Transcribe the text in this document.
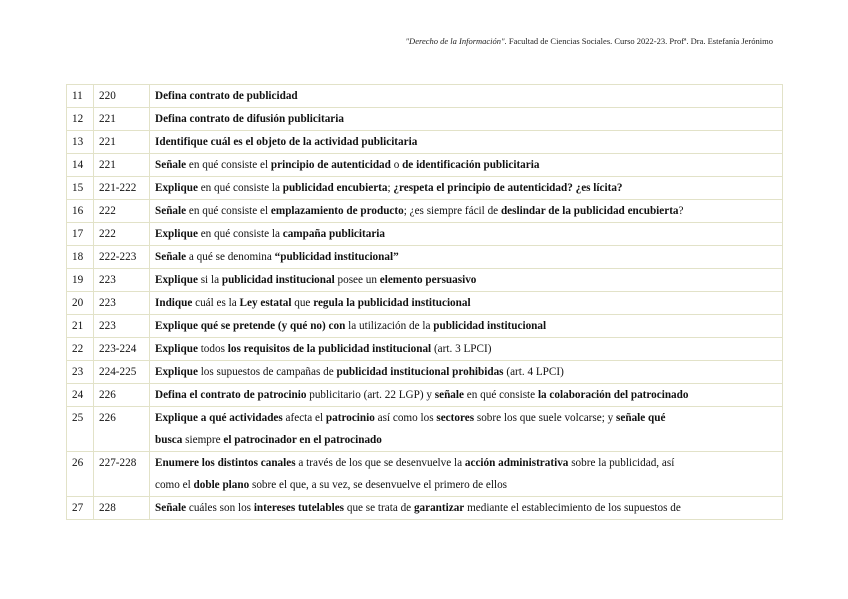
"Derecho de la Información". Facultad de Ciencias Sociales. Curso 2022-23. Profª. Dra. Estefanía Jerónimo
11	220	Defina contrato de publicidad

12	221	Defina contrato de difusión publicitaria

13	221	Identifique cuál es el objeto de la actividad publicitaria

14	221	Señale en qué consiste el principio de autenticidad o de identificación publicitaria

15	221-222	Explique en qué consiste la publicidad encubierta; ¿respeta el principio de autenticidad? ¿es lícita?

16	222	Señale en qué consiste el emplazamiento de producto; ¿es siempre fácil de deslindar de la publicidad encubierta?

17	222	Explique en qué consiste la campaña publicitaria

18	222-223	Señale a qué se denomina “publicidad institucional”

19	223	Explique si la publicidad institucional posee un elemento persuasivo

20	223	Indique cuál es la Ley estatal que regula la publicidad institucional

21	223	Explique qué se pretende (y qué no) con la utilización de la publicidad institucional

22	223-224	Explique todos los requisitos de la publicidad institucional (art. 3 LPCI)

23	224-225	Explique los supuestos de campañas de publicidad institucional prohibidas (art. 4 LPCI)

24	226	Defina el contrato de patrocinio publicitario (art. 22 LGP) y señale en qué consiste la colaboración del patrocinado

25	226	Explique a qué actividades afecta el patrocinio así como los sectores sobre los que suele volcarse; y señale qué
busca siempre el patrocinador en el patrocinado

26	227-228	Enumere los distintos canales a través de los que se desenvuelve la acción administrativa sobre la publicidad, así
como el doble plano sobre el que, a su vez, se desenvuelve el primero de ellos

27	228	Señale cuáles son los intereses tutelables que se trata de garantizar mediante el establecimiento de los supuestos de
